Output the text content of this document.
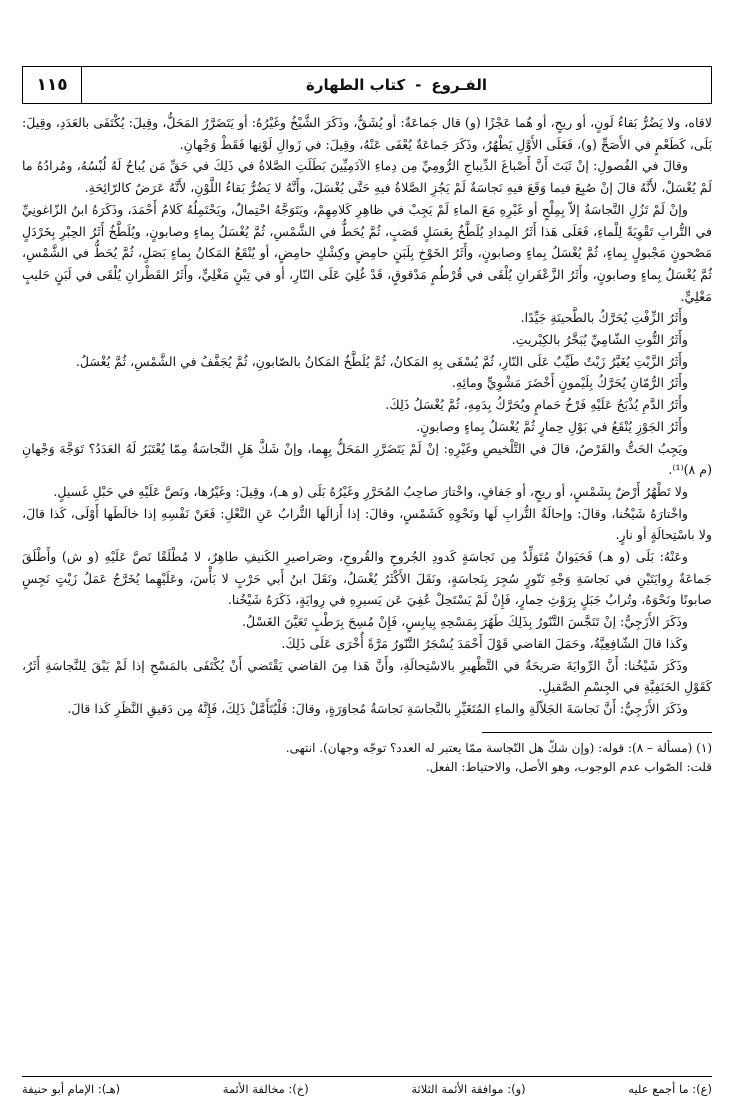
الفـروع
-
كتاب الطهارة
١١٥

لاقاه، ولا يَضُرُّ بَقاءُ لَونٍ، أو ريحٍ، أو هُما عَجْزًا (و) قال جَماعَةٌ: أو يُشَقُّ، وذَكَرَ الشَّيْخُ وغَيْرُهُ: أو يَتَضَرَّرُ المَحَلُّ، وقِيلَ: يُكْتَفَى بالعَدَدِ، وقِيلَ: بَلَى، كَطَعْمٍ في الأَصَحِّ (و)، فَعَلَى الأَوَّلِ يَطْهُرُ، وذَكَرَ جَماعَةٌ يُعْفَى عَنْهُ، وقِيلَ: في زَوالِ لَوْنِها فَقَطْ وَجْهانِ.

وقالَ في الفُصولِ: إنْ ثَبَتَ أَنَّ أَصْباغَ الدِّيباجِ الرُّومِيِّ مِن دِماءِ الآدَمِيِّينَ بَطَلَتِ الصَّلاةُ في ذَلِكَ في حَقِّ مَن يُباحُ لَهُ لُبْسُهُ، ومُرادُهُ ما لَمْ يُغْسَلْ، لأَنَّهُ قالَ إنْ صُبِغَ فيما وَقَعَ فيهِ نَجاسَةٌ لَمْ يَجُزِ الصَّلاةُ فيهِ حَتَّى يُغْسَلَ، وأَنَّهُ لا يَضُرُّ بَقاءُ اللَّوْنِ، لأَنَّهُ عَرَضٌ كالرّائِحَةِ.

وإنْ لَمْ تَزُلِ النَّجاسَةُ إلاّ بِمِلْحٍ أو غَيْرِهِ مَعَ الماءِ لَمْ يَجِبْ في ظاهِرِ كَلامِهِمْ، ويَتَوَجَّهُ احْتِمالٌ، ويَحْتَمِلُهُ كَلامُ أَحْمَدَ، وذَكَرَهُ ابنُ الزّاغونِيِّ في التُّرابِ تَقْوِيَةً لِلْماءِ، فَعَلَى هَذا أَثَرُ المِدادِ يُلَطَّخُ بِعَسَلٍ قَصَبٍ، ثُمَّ يُحَطُّ في الشَّمْسِ، ثُمَّ يُغْسَلُ بِماءٍ وصابونٍ، ويُلَطَّخُ أَثَرُ الحِبْرِ بِخَرْدَلٍ مَصْحونٍ مَجْبولٍ بِماءٍ، ثُمَّ يُغْسَلُ بِماءٍ وصابونٍ، وأَثَرُ الخَوْخِ بِلَبَنٍ حامِضٍ وكِشْكٍ حامِضٍ، أو يُنْقَعُ المَكانُ بِماءٍ بَصَلٍ، ثُمَّ يُحَطُّ في الشَّمْسِ، ثُمَّ يُغْسَلُ بِماءٍ وصابونٍ، وأَثَرُ الزَّعْفَرانِ يُلْقَى في قُرْطُمٍ مَدْقوقٍ، قَدْ غُلِيَ عَلَى النّارِ، أو في تِبْنٍ مَغْلِيٍّ، وأَثَرُ القَطْرانِ يُلْقَى في لَبَنٍ حَليبٍ مَغْلِيٍّ.

وأَثَرُ الزِّفْتِ يُحَرَّكُ بالطَّحينَةِ جَيِّدًا.

وأَثَرُ التُّوتِ الشّامِيِّ يُبَخَّرُ بالكِبْريتِ.

وأَثَرُ الزَّيْتِ يُغَيَّرُ زَيْتٌ طَيِّبٌ عَلَى النّارِ، ثُمَّ يُسْقَى بِهِ المَكانُ، ثُمَّ يُلَطَّخُ المَكانُ بالصّابونِ، ثُمَّ يُجَفَّفُ في الشَّمْسِ، ثُمَّ يُغْسَلُ.

وأَثَرُ الرُّمّانِ يُحَرَّكُ بِلَيْمونٍ أَخْضَرَ مَشْوِيٍّ ومائِهِ.

وأَثَرُ الدَّمِ يُذْبَحُ عَلَيْهِ فَرْخُ حَمامٍ ويُحَرَّكُ بِدَمِهِ، ثُمَّ يُغْسَلُ ذَلِكَ.

وأَثَرُ الجَوْزِ يُنْقَعُ في بَوْلِ حِمارٍ ثُمَّ يُغْسَلُ بِماءٍ وصابونٍ.

ويَجِبُ الحَتُّ والقَرْصُ، قالَ في التَّلْخيصِ وغَيْرِهِ: إنْ لَمْ يَتَضَرَّرِ المَحَلُّ بِهِما، وإنْ شَكَّ هَلِ النَّجاسَةُ مِمّا يُعْتَبَرُ لَهُ العَدَدُ؟ تَوَجَّهَ وَجْهانِ (م ٨)⁽¹⁾.

ولا تَطْهُرُ أَرْضٌ بِشَمْسٍ، أو ريحٍ، أو جَفافٍ، واخْتارَ صاحِبُ المُحَرَّرِ وغَيْرُهُ بَلَى (و هـ)، وقِيلَ: وغَيْرُها، ونَصَّ عَلَيْهِ في حَبْلِ غَسيلٍ.

واخْتارَهُ شَيْخُنا، وقالَ: وإحالَةُ التُّرابِ لَها ونَحْوِهِ كَشَمْسٍ، وقالَ: إذا أَزالَها التُّرابُ عَنِ النَّعْلِ: فَعَنْ نَفْسِهِ إذا خالَطَها أَوْلَى، كَذا قالَ، ولا باسْتِحالَةٍ أو نارٍ.

وعَنْهُ: بَلَى (و هـ) فَحَيَوانٌ مُتَوَلِّدٌ مِن نَجاسَةٍ كَدودِ الجُروحِ والقُروحِ، وصَراصيرِ الكَنيفِ طاهِرٌ، لا مُطْلَقًا نَصَّ عَلَيْهِ (و ش) وأَطْلَقَ جَماعَةٌ رِوايَتَيْنِ في نَجاسَةِ وَجْهِ تَنّورٍ سُجِرَ بِنَجاسَةٍ، ونَقَلَ الأَكْثَرُ يُغْسَلُ، ونَقَلَ ابنُ أَبي حَرْبٍ لا بَأْسَ، وعَلَيْهِما يُخَرَّجُ عَمَلُ زَيْتٍ نَجِسٍ صابونًا ونَحْوَهُ، وتُرابُ جَبَلٍ بِرَوْثِ حِمارٍ، فَإِنْ لَمْ يَسْتَحِلْ عُفِيَ عَن يَسيرِهِ في رِوايَةٍ، ذَكَرَهُ شَيْخُنا.

وذَكَرَ الأَزَجِيُّ: إنْ تَنَجَّسَ التَّنّورُ بِذَلِكَ طَهُرَ بِمَسْحِهِ بِيابِسٍ، فَإِنْ مُسِحَ بِرَطْبٍ تَعَيَّنَ الغَسْلُ.

وكَذا قالَ الشّافِعِيَّةُ، وحَمَلَ القاضي قَوْلَ أَحْمَدَ يُسْجَرُ التَّنّورُ مَرَّةً أُخْرَى عَلَى ذَلِكَ.

وذَكَرَ شَيْخُنا: أَنَّ الرِّوايَةَ صَريحَةٌ في التَّطْهيرِ بالاسْتِحالَةِ، وأَنَّ هَذا مِنَ القاضي يَقْتَضي أَنْ يُكْتَفَى بالمَسْحِ إذا لَمْ يَبْقَ لِلنَّجاسَةِ أَثَرٌ، كَقَوْلِ الحَنَفِيَّةِ في الجِسْمِ الصَّقيلِ.

وذَكَرَ الأَزَجِيُّ: أَنَّ نَجاسَةَ الجَلاّلَةِ والماءِ المُتَغَيِّرِ بالنَّجاسَةِ نَجاسَةُ مُجاوَرَةٍ، وقالَ: فَلْيُتَأَمَّلْ ذَلِكَ، فَإِنَّهُ مِن دَقيقِ النَّظَرِ كَذا قالَ.

(١) (مسألة – ٨): قوله: (وإن شكّ هل النّجاسة ممّا يعتبر له العدد؟ توجّه وجهان). انتهى.

قلت: الصّواب عدم الوجوب، وهو الأصل، والاحتياط: الفعل.

(ع): ما أجمع عليه
(و): موافقة الأئمة الثلاثة
(خ): مخالفة الأئمة
(هـ): الإمام أبو حنيفة
